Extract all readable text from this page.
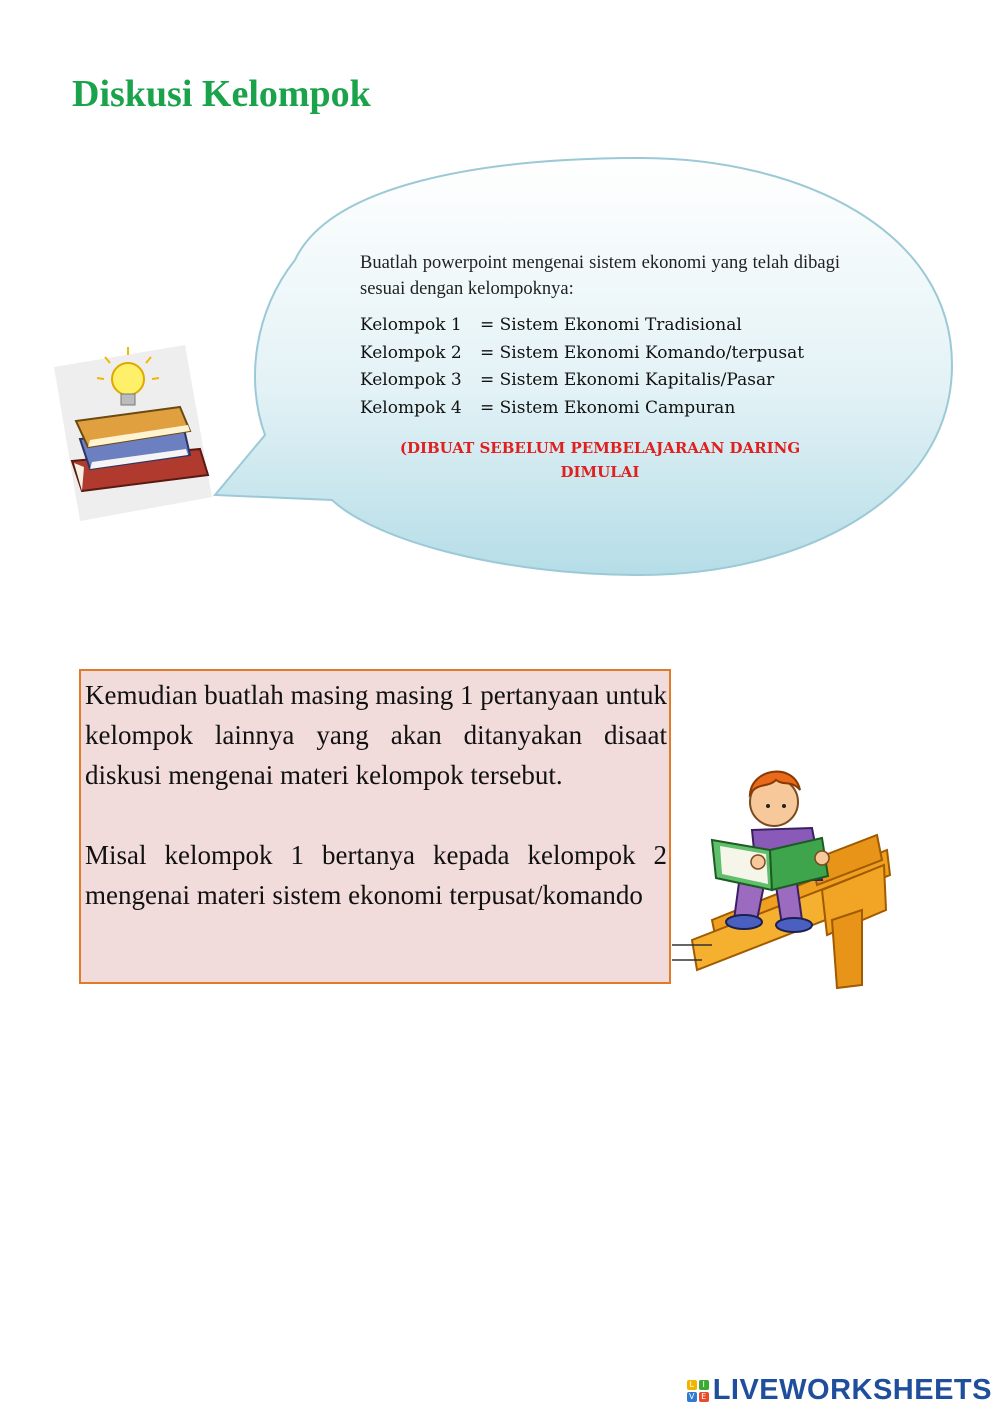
Diskusi Kelompok

Buatlah powerpoint mengenai sistem ekonomi yang telah dibagi sesuai dengan kelompoknya:

Kelompok 1 = Sistem Ekonomi Tradisional
Kelompok 2 = Sistem Ekonomi Komando/terpusat
Kelompok 3 = Sistem Ekonomi Kapitalis/Pasar
Kelompok 4 = Sistem Ekonomi Campuran
(DIBUAT SEBELUM PEMBELAJARAAN DARING DIMULAI

Kemudian buatlah masing masing 1 pertanyaan untuk kelompok lainnya yang akan ditanyakan disaat diskusi mengenai materi kelompok tersebut.

Misal kelompok 1 bertanya kepada kelompok 2 mengenai materi sistem ekonomi terpusat/komando

L	I
V E LIVEWORKSHEETS
